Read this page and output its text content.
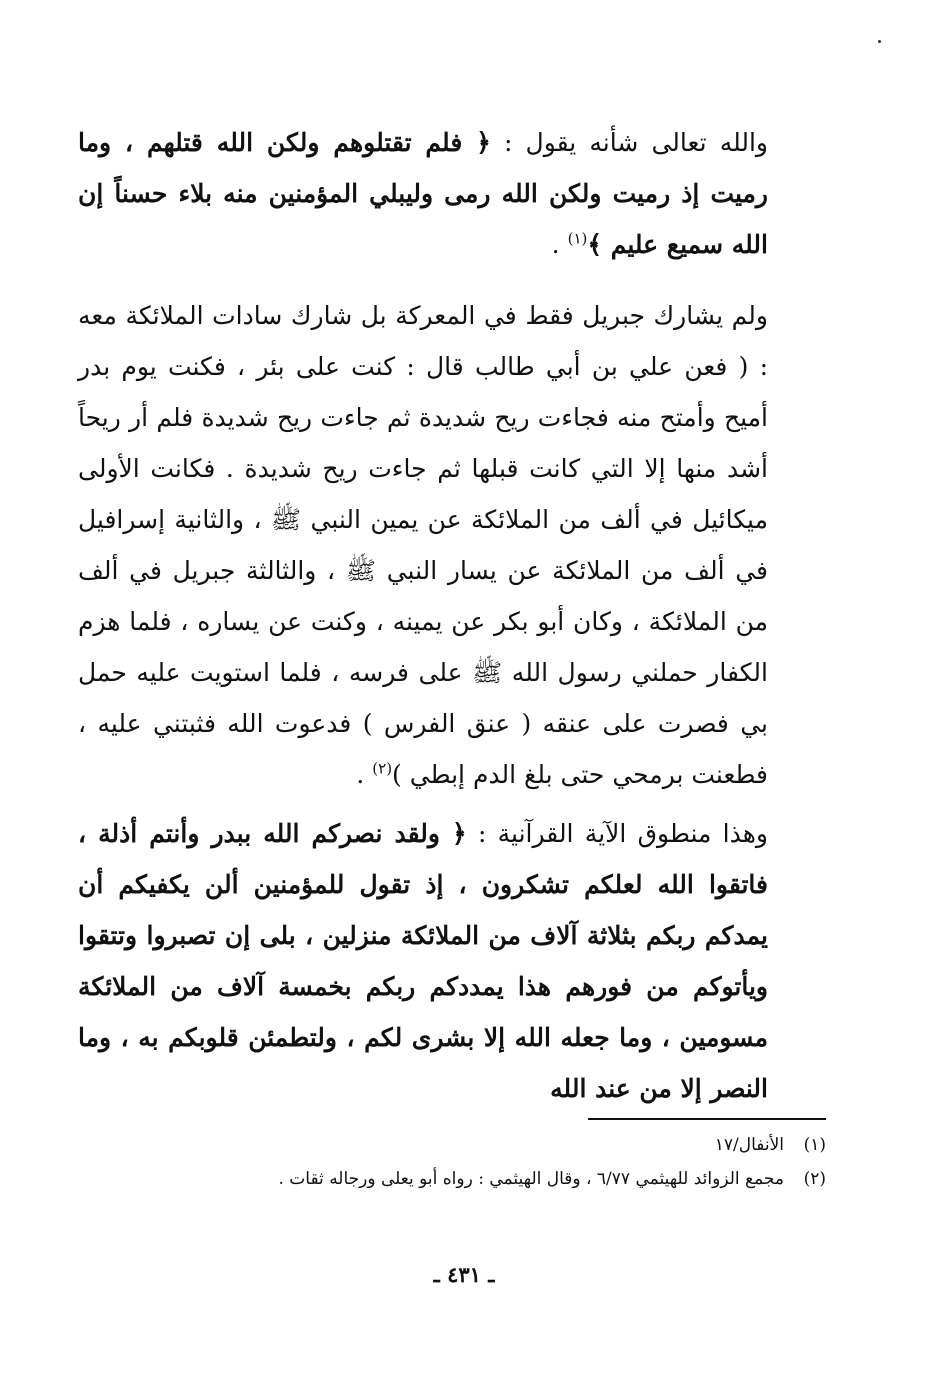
والله تعالى شأنه يقول : ﴿ فلم تقتلوهم ولكن الله قتلهم ، وما رميت إذ رميت ولكن الله رمى وليبلي المؤمنين منه بلاء حسناً إن الله سميع عليم ﴾$^{(١)}$ .

ولم يشارك جبريل فقط في المعركة بل شارك سادات الملائكة معه : ( فعن علي بن أبي طالب قال : كنت على بئر ، فكنت يوم بدر أميح وأمتح منه فجاءت ريح شديدة ثم جاءت ريح شديدة فلم أر ريحاً أشد منها إلا التي كانت قبلها ثم جاءت ريح شديدة . فكانت الأولى ميكائيل في ألف من الملائكة عن يمين النبي ﷺ ، والثانية إسرافيل في ألف من الملائكة عن يسار النبي ﷺ ، والثالثة جبريل في ألف من الملائكة ، وكان أبو بكر عن يمينه ، وكنت عن يساره ، فلما هزم الكفار حملني رسول الله ﷺ على فرسه ، فلما استويت عليه حمل بي فصرت على عنقه ( عنق الفرس ) فدعوت الله فثبتني عليه ، فطعنت برمحي حتى بلغ الدم إبطي )$^{(٢)}$ .

وهذا منطوق الآية القرآنية : ﴿ ولقد نصركم الله ببدر وأنتم أذلة ، فاتقوا الله لعلكم تشكرون ، إذ تقول للمؤمنين ألن يكفيكم أن يمدكم ربكم بثلاثة آلاف من الملائكة منزلين ، بلى إن تصبروا وتتقوا ويأتوكم من فورهم هذا يمددكم ربكم بخمسة آلاف من الملائكة مسومين ، وما جعله الله إلا بشرى لكم ، ولتطمئن قلوبكم به ، وما النصر إلا من عند الله

(١)الأنفال/١٧
(٢)مجمع الزوائد للهيثمي ٦/٧٧ ، وقال الهيثمي : رواه أبو يعلى ورجاله ثقات .
ـ ٤٣١ ـ
